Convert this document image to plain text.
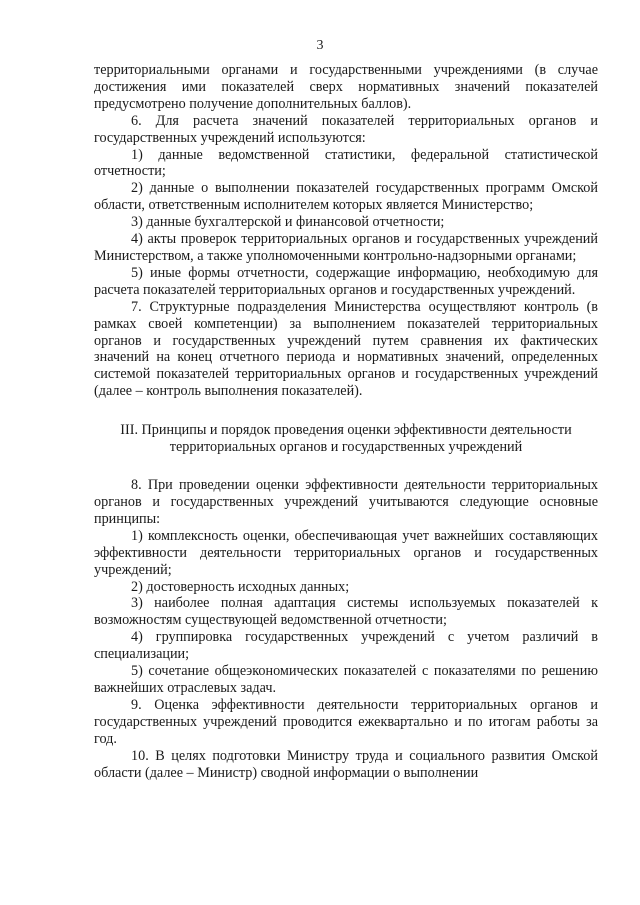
3

территориальными органами и государственными учреждениями (в случае достижения ими показателей сверх нормативных значений показателей предусмотрено получение дополнительных баллов).

6. Для расчета значений показателей территориальных органов и государственных учреждений используются:

1) данные ведомственной статистики, федеральной статистической отчетности;

2) данные о выполнении показателей государственных программ Омской области, ответственным исполнителем которых является Министерство;

3) данные бухгалтерской и финансовой отчетности;

4) акты проверок территориальных органов и государственных учреждений Министерством, а также уполномоченными контрольно-надзорными органами;

5) иные формы отчетности, содержащие информацию, необходимую для расчета показателей территориальных органов и государственных учреждений.

7. Структурные подразделения Министерства осуществляют контроль (в рамках своей компетенции) за выполнением показателей территориальных органов и государственных учреждений путем сравнения их фактических значений на конец отчетного периода и нормативных значений, определенных системой показателей территориальных органов и государственных учреждений (далее – контроль выполнения показателей).

III. Принципы и порядок проведения оценки эффективности деятельности территориальных органов и государственных учреждений

8. При проведении оценки эффективности деятельности территориальных органов и государственных учреждений учитываются следующие основные принципы:

1) комплексность оценки, обеспечивающая учет важнейших составляющих эффективности деятельности территориальных органов и государственных учреждений;

2) достоверность исходных данных;

3) наиболее полная адаптация системы используемых показателей к возможностям существующей ведомственной отчетности;

4) группировка государственных учреждений с учетом различий в специализации;

5) сочетание общеэкономических показателей с показателями по решению важнейших отраслевых задач.

9. Оценка эффективности деятельности территориальных органов и государственных учреждений проводится ежеквартально и по итогам работы за год.

10. В целях подготовки Министру труда и социального развития Омской области (далее – Министр) сводной информации о выполнении
